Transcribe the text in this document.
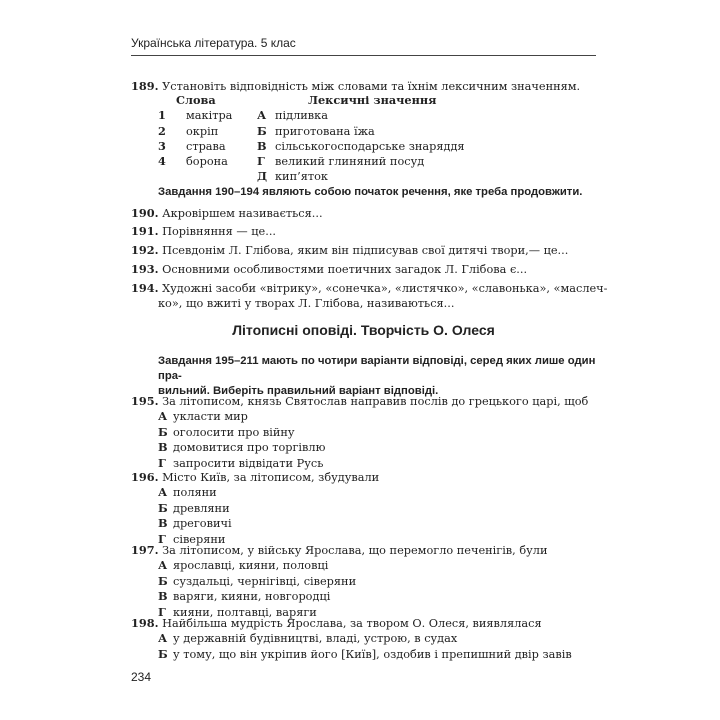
Українська література. 5 клас
189. Установіть відповідність між словами та їхнім лексичним значенням.
Слова	Лексичні значення
1	макітра А підливка
2	окріп	Б приготована їжа
3	страва	В сільськогосподарське знаряддя
4	борона	Г великий глиняний посуд
Д кип’яток
Завдання 190–194 являють собою початок речення, яке треба продовжити.
190. Акровіршем називається...
191. Порівняння — це...
192. Псевдонім Л. Глібова, яким він підписував свої дитячі твори,— це...
193. Основними особливостями поетичних загадок Л. Глібова є...
194. Художні засоби «вітрику», «сонечка», «листячко», «славонька», «маслеч-
ко», що вжиті у творах Л. Глібова, називаються...
Літописні оповіді. Творчість О. Олеся
Завдання 195–211 мають по чотири варіанти відповіді, серед яких лише один пра-
вильний. Виберіть правильний варіант відповіді.
195. За літописом, князь Святослав направив послів до грецького царі, щоб
А укласти мир
Б оголосити про війну
В домовитися про торгівлю
Г запросити відвідати Русь
196. Місто Київ, за літописом, збудували
А поляни
Б древляни
В дреговичі
Г сіверяни
197. За літописом, у війську Ярослава, що перемогло печенігів, були
А ярославці, кияни, половці
Б суздальці, чернігівці, сіверяни
В варяги, кияни, новгородці
Г кияни, полтавці, варяги
198. Найбільша мудрість Ярослава, за твором О. Олеся, виявлялася
А у державній будівництві, владі, устрою, в судах
Б у тому, що він укріпив його [Київ], оздобив і препишний двір завів
234
